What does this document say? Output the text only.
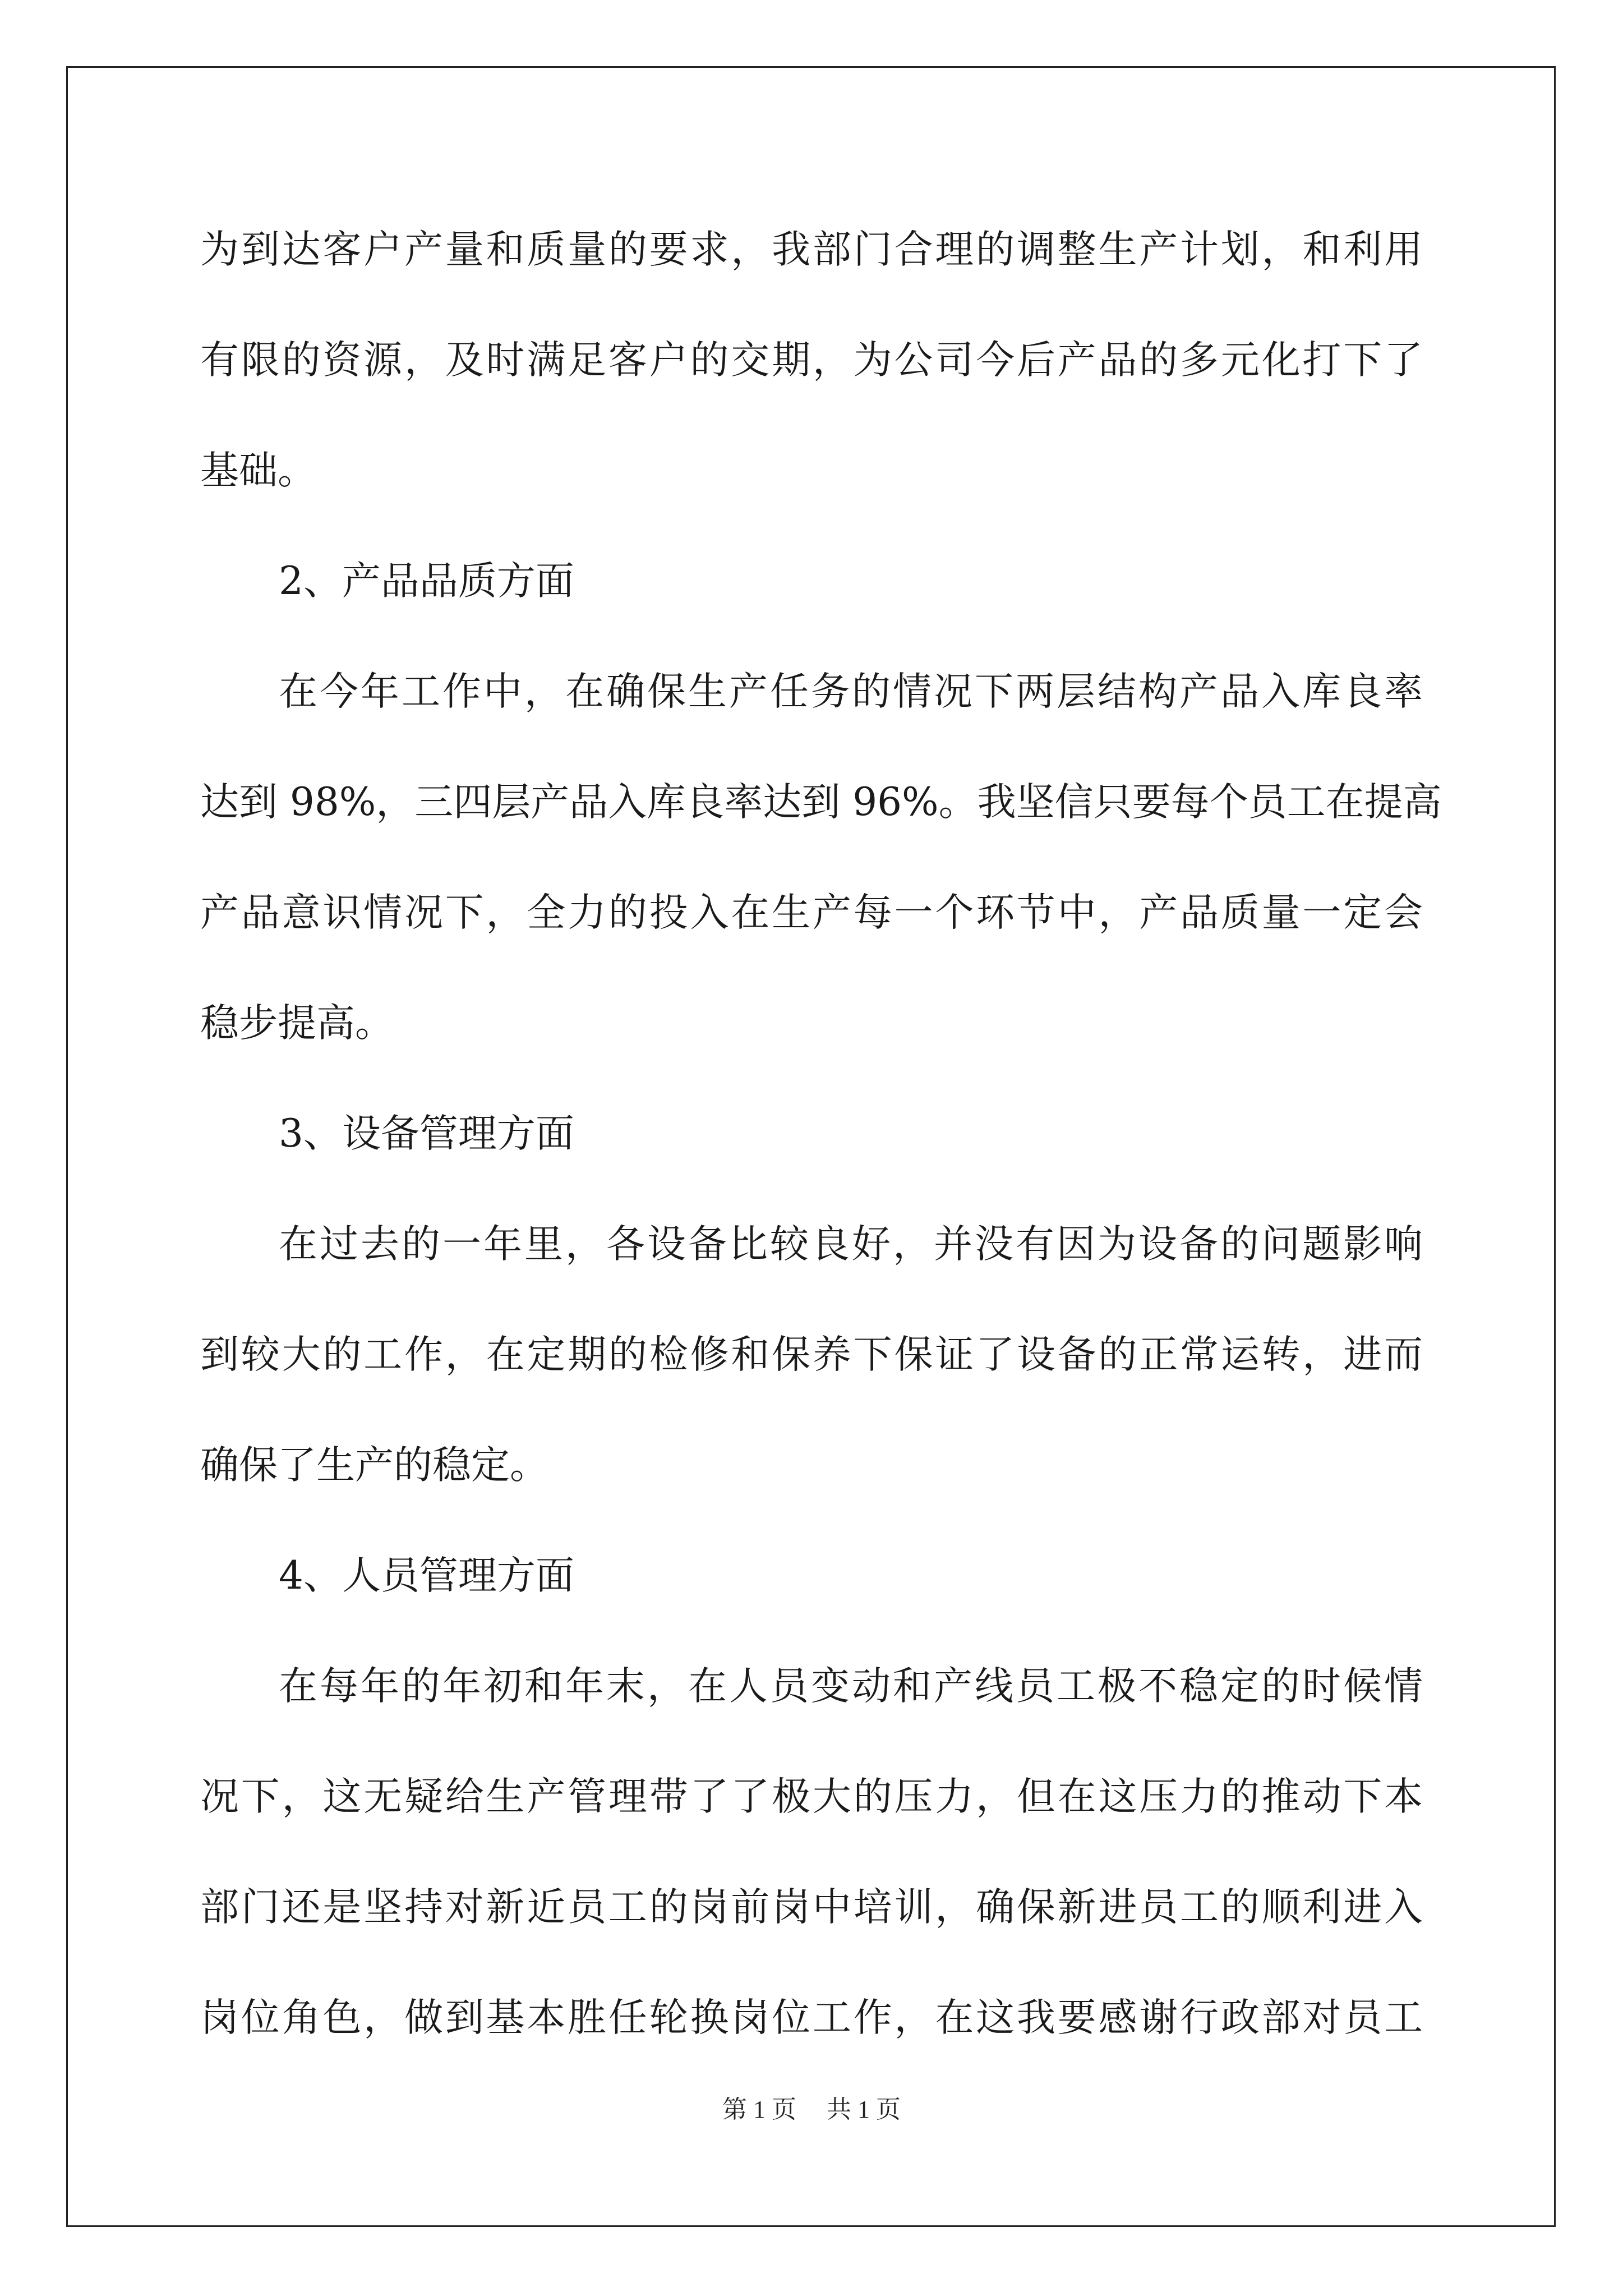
为到达客户产量和质量的要求，我部门合理的调整生产计划，和利用
有限的资源，及时满足客户的交期，为公司今后产品的多元化打下了
基础。
2、产品品质方面
在今年工作中，在确保生产任务的情况下两层结构产品入库良率
达到 98%，三四层产品入库良率达到 96%。我坚信只要每个员工在提高
产品意识情况下，全力的投入在生产每一个环节中，产品质量一定会
稳步提高。
3、设备管理方面
在过去的一年里，各设备比较良好，并没有因为设备的问题影响
到较大的工作，在定期的检修和保养下保证了设备的正常运转，进而
确保了生产的稳定。
4、人员管理方面
在每年的年初和年末，在人员变动和产线员工极不稳定的时候情
况下，这无疑给生产管理带了了极大的压力，但在这压力的推动下本
部门还是坚持对新近员工的岗前岗中培训，确保新进员工的顺利进入
岗位角色，做到基本胜任轮换岗位工作，在这我要感谢行政部对员工
第 1 页 共 1 页
